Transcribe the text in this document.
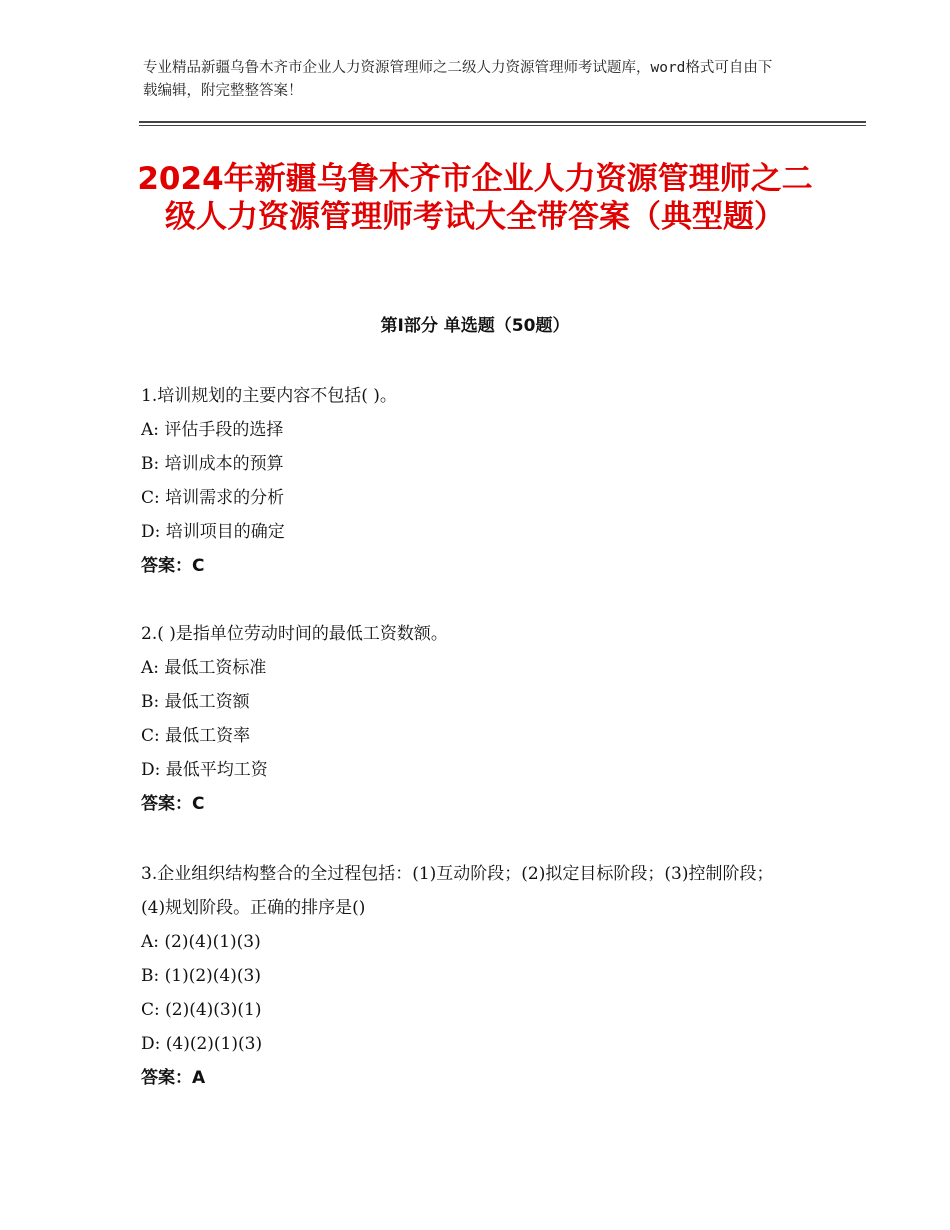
专业精品新疆乌鲁木齐市企业人力资源管理师之二级人力资源管理师考试题库，word格式可自由下载编辑，附完整整答案！
2024年新疆乌鲁木齐市企业人力资源管理师之二级人力资源管理师考试大全带答案（典型题）
第Ⅰ部分 单选题（50题）

1.培训规划的主要内容不包括( )。

A: 评估手段的选择

B: 培训成本的预算

C: 培训需求的分析

D: 培训项目的确定

答案：C

2.( )是指单位劳动时间的最低工资数额。

A: 最低工资标准

B: 最低工资额

C: 最低工资率

D: 最低平均工资

答案：C

3.企业组织结构整合的全过程包括：(1)互动阶段；(2)拟定目标阶段；(3)控制阶段；(4)规划阶段。正确的排序是()

A: (2)(4)(1)(3)

B: (1)(2)(4)(3)

C: (2)(4)(3)(1)

D: (4)(2)(1)(3)

答案：A
